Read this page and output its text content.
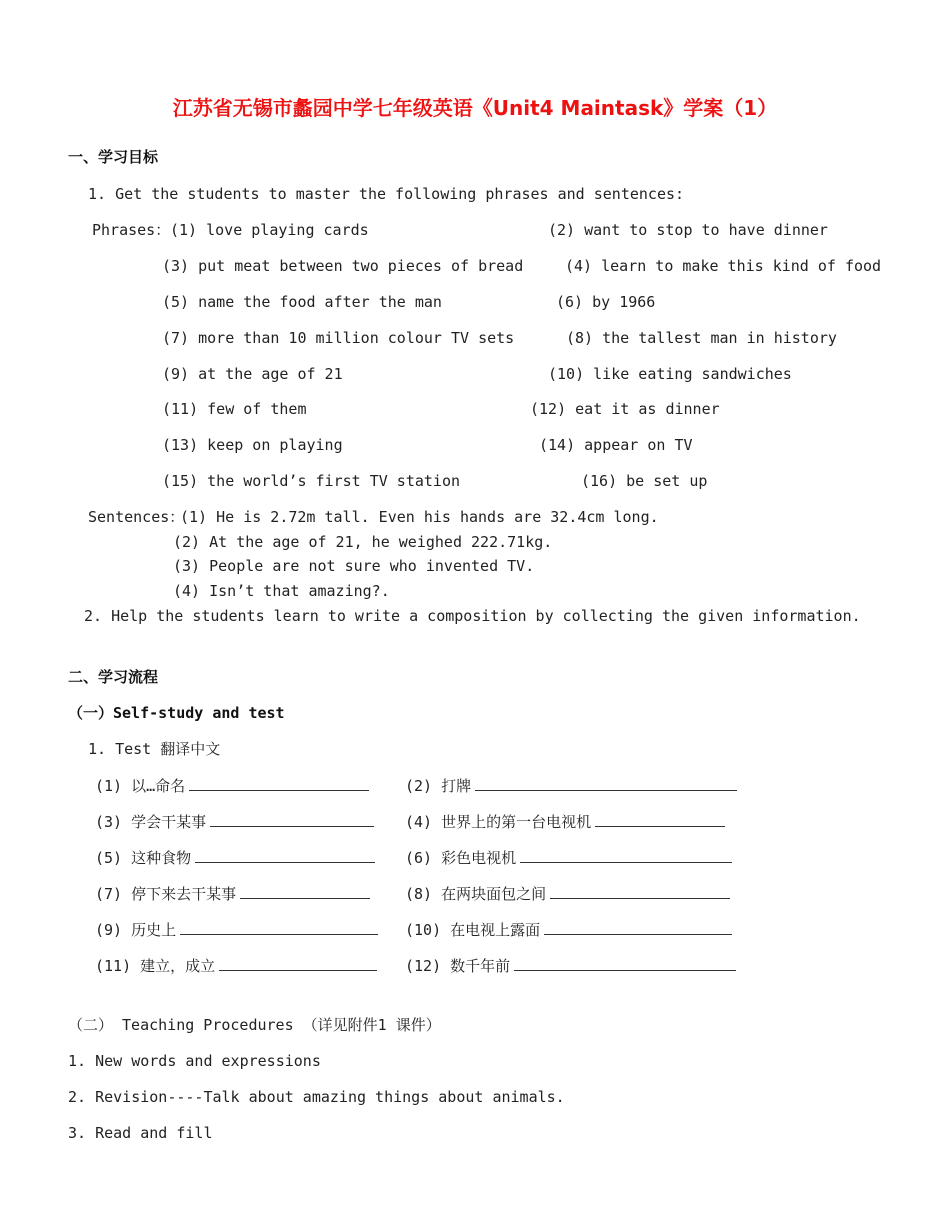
江苏省无锡市蠡园中学七年级英语《Unit4 Maintask》学案（1）
一、学习目标
1. Get the students to master the following phrases and sentences:
Phrases： (1) love playing cards	(2) want to stop to have dinner
(3) put meat between two pieces of bread	(4) learn to make this kind of food
(5) name the food after the man	(6) by 1966
(7) more than 10 million colour TV sets	(8) the tallest man in history
(9) at the age of 21	(10) like eating sandwiches
(11) few of them	(12) eat it as dinner
(13) keep on playing	(14) appear on TV
(15) the world’s first TV station	(16) be set up
Sentences：
(1) He is 2.72m tall. Even his hands are 32.4cm long.
(2) At the age of 21, he weighed 222.71kg.
(3) People are not sure who invented TV.
(4) Isn’t that amazing?.
2. Help the students learn to write a composition by collecting the given information.
二、学习流程
（一）Self-study and test
1. Test 翻译中文
(1) 以…命名	(2) 打牌
(3) 学会干某事	(4) 世界上的第一台电视机
(5) 这种食物	(6) 彩色电视机
(7) 停下来去干某事	(8) 在两块面包之间
(9) 历史上	(10) 在电视上露面
(11) 建立，成立	(12) 数千年前
（二） Teaching Procedures （详见附件1 课件）
1. New words and expressions
2. Revision----Talk about amazing things about animals.
3. Read and fill
